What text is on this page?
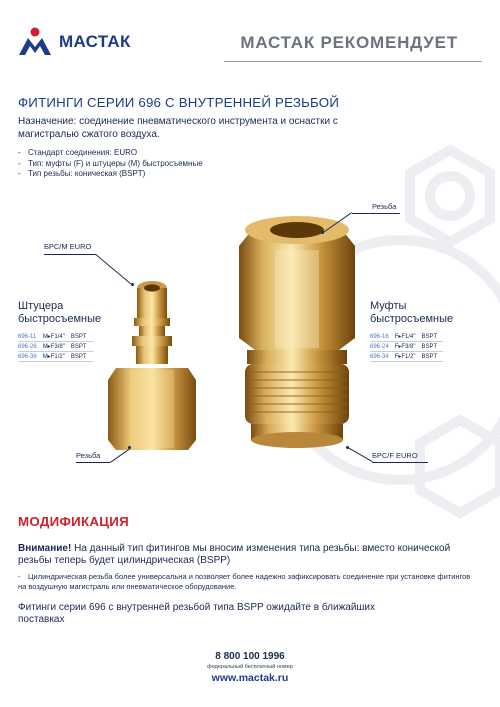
МАСТАК	МАСТАК РЕКОМЕНДУЕТ
ФИТИНГИ СЕРИИ 696 С ВНУТРЕННЕЙ РЕЗЬБОЙ
Назначение: соединение пневматического инструмента и оснастки с магистралью сжатого воздуха.
- Стандарт соединения: EURO
- Тип: муфты (F) и штуцеры (M) быстросъемные
- Тип резьбы: коническая (BSPT)
БРС/М EURO
Штуцера
быстросъемные
696-11	M▸F1/4"	BSPT
696-26	M▸F3/8"	BSPT
696-36	M▸F1/2"	BSPT
Резьба
Резьба
Муфты
быстросъемные
696-16	F▸F1/4"	BSPT
696-24	F▸F3/8"	BSPT
696-34	F▸F1/2"	BSPT
БРС/F EURO
МОДИФИКАЦИЯ
Внимание! На данный тип фитингов мы вносим изменения типа резьбы: вместо конической резьбы теперь будет цилиндрическая (BSPP)
- Цилиндрическая резьба более универсальна и позволяет более надежно зафиксировать соединение при установке фитингов на воздушную магистраль или пневматическое оборудование.
Фитинги серии 696 с внутренней резьбой типа BSPP ожидайте в ближайших поставках
8 800 100 1996
федеральный бесплатный номер
www.mactak.ru
